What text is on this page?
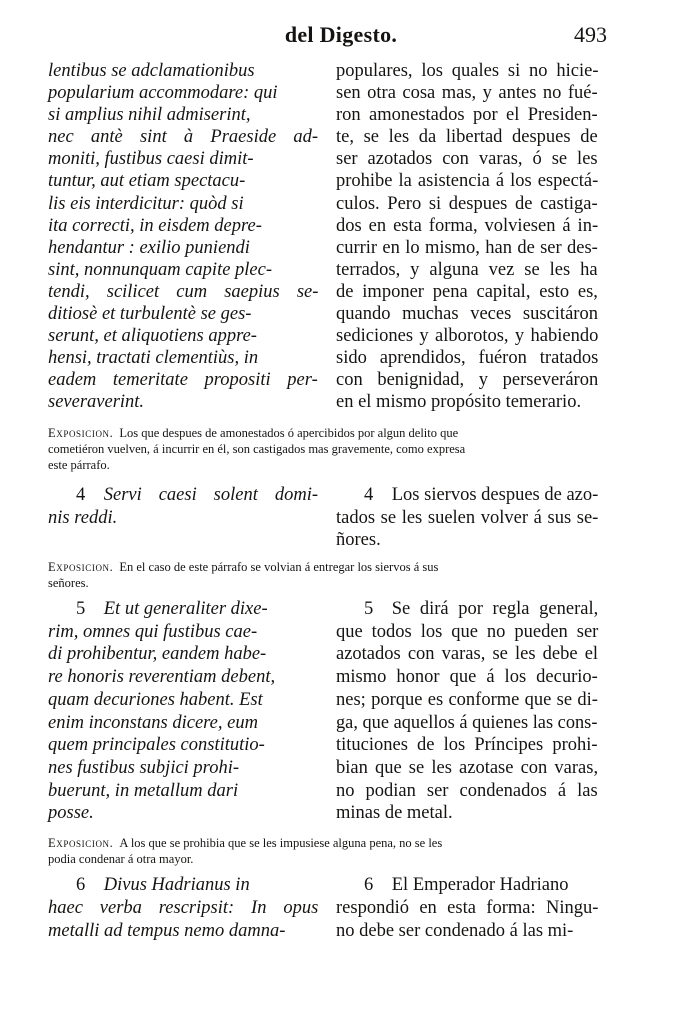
del Digesto.	493
lentibus se adclamationibus
popularium accommodare: qui
si amplius nihil admiserint,
nec antè sint à Praeside ad-
moniti, fustibus caesi dimit-
tuntur, aut etiam spectacu-
lis eis interdicitur: quòd si
ita correcti, in eisdem depre-
hendantur : exilio puniendi
sint, nonnunquam capite plec-
tendi, scilicet cum saepius se-
ditiosè et turbulentè se ges-
serunt, et aliquotiens appre-
hensi, tractati clementiùs, in
eadem temeritate propositi per-
severaverint.
populares, los quales si no hicie-
sen otra cosa mas, y antes no fué-
ron amonestados por el Presiden-
te, se les da libertad despues de
ser azotados con varas, ó se les
prohibe la asistencia á los espectá-
culos. Pero si despues de castiga-
dos en esta forma, volviesen á in-
currir en lo mismo, han de ser des-
terrados, y alguna vez se les ha
de imponer pena capital, esto es,
quando muchas veces suscitáron
sediciones y alborotos, y habiendo
sido aprendidos, fuéron tratados
con benignidad, y perseveráron
en el mismo propósito temerario.
Exposicion. Los que despues de amonestados ó apercibidos por algun delito que
cometiéron vuelven, á incurrir en él, son castigados mas gravemente, como expresa
este párrafo.
4   Servi caesi solent domi-
nis reddi.
4   Los siervos despues de azo-
tados se les suelen volver á sus se-
ñores.
Exposicion. En el caso de este párrafo se volvian á entregar los siervos á sus
señores.
5   Et ut generaliter dixe-
rim, omnes qui fustibus cae-
di prohibentur, eandem habe-
re honoris reverentiam debent,
quam decuriones habent. Est
enim inconstans dicere, eum
quem principales constitutio-
nes fustibus subjici prohi-
buerunt, in metallum dari
posse.
5   Se dirá por regla general,
que todos los que no pueden ser
azotados con varas, se les debe el
mismo honor que á los decurio-
nes; porque es conforme que se di-
ga, que aquellos á quienes las cons-
tituciones de los Príncipes prohi-
bian que se les azotase con varas,
no podian ser condenados á las
minas de metal.
Exposicion. A los que se prohibia que se les impusiese alguna pena, no se les
podia condenar á otra mayor.
6   Divus Hadrianus in
haec verba rescripsit: In opus
metalli ad tempus nemo damna-
6   El Emperador Hadriano
respondió en esta forma: Ningu-
no debe ser condenado á las mi-
